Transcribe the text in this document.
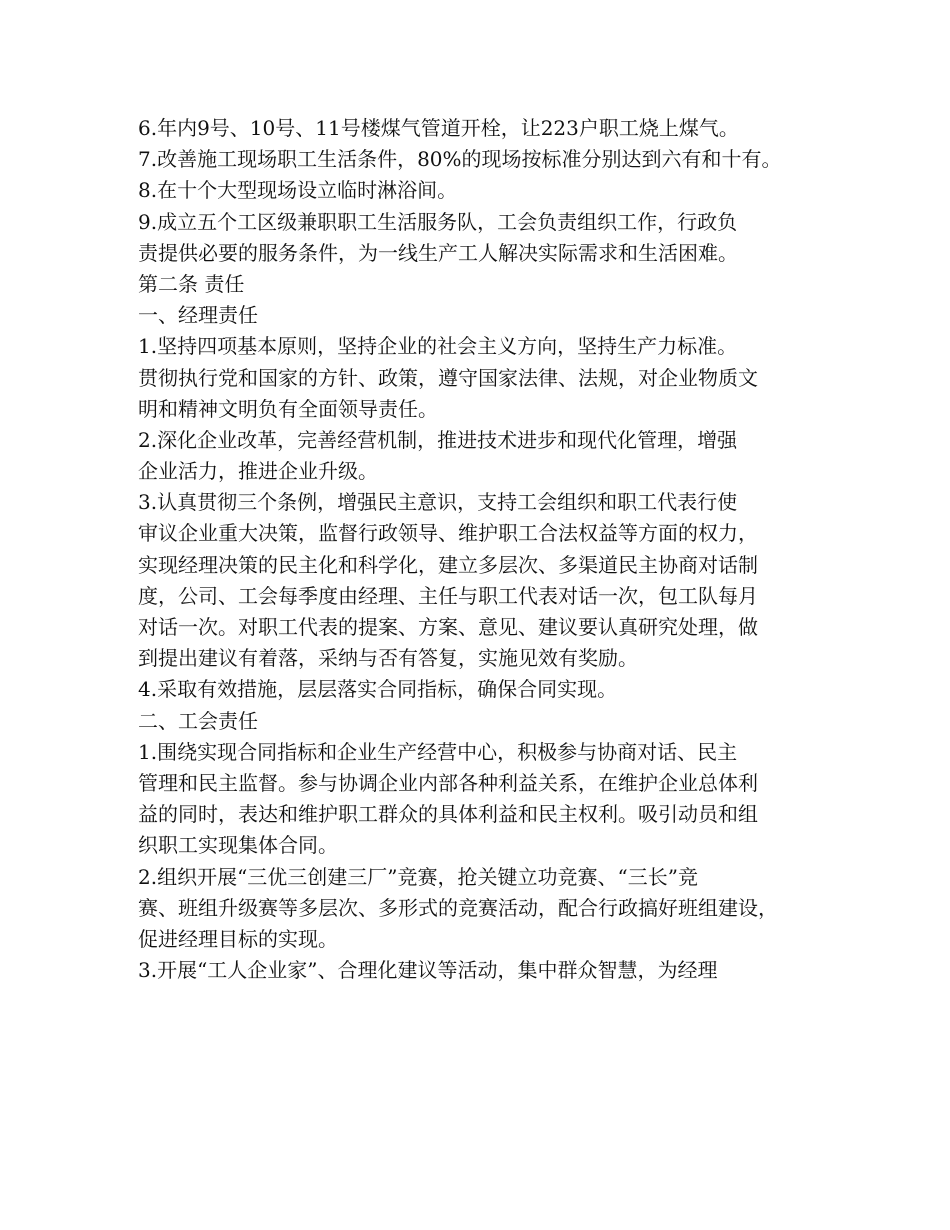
6.年内9号、10号、11号楼煤气管道开栓，让223户职工烧上煤气。
7.改善施工现场职工生活条件，80%的现场按标准分别达到六有和十有。
8.在十个大型现场设立临时淋浴间。
9.成立五个工区级兼职职工生活服务队，工会负责组织工作，行政负
责提供必要的服务条件，为一线生产工人解决实际需求和生活困难。
第二条 责任
一、经理责任
1.坚持四项基本原则，坚持企业的社会主义方向，坚持生产力标准。
贯彻执行党和国家的方针、政策，遵守国家法律、法规，对企业物质文
明和精神文明负有全面领导责任。
2.深化企业改革，完善经营机制，推进技术进步和现代化管理，增强
企业活力，推进企业升级。
3.认真贯彻三个条例，增强民主意识，支持工会组织和职工代表行使
审议企业重大决策，监督行政领导、维护职工合法权益等方面的权力，
实现经理决策的民主化和科学化，建立多层次、多渠道民主协商对话制
度，公司、工会每季度由经理、主任与职工代表对话一次，包工队每月
对话一次。对职工代表的提案、方案、意见、建议要认真研究处理，做
到提出建议有着落，采纳与否有答复，实施见效有奖励。
4.采取有效措施，层层落实合同指标，确保合同实现。
二、工会责任
1.围绕实现合同指标和企业生产经营中心，积极参与协商对话、民主
管理和民主监督。参与协调企业内部各种利益关系，在维护企业总体利
益的同时，表达和维护职工群众的具体利益和民主权利。吸引动员和组
织职工实现集体合同。
2.组织开展“三优三创建三厂”竞赛，抢关键立功竞赛、“三长”竞
赛、班组升级赛等多层次、多形式的竞赛活动，配合行政搞好班组建设，
促进经理目标的实现。
3.开展“工人企业家”、合理化建议等活动，集中群众智慧，为经理
